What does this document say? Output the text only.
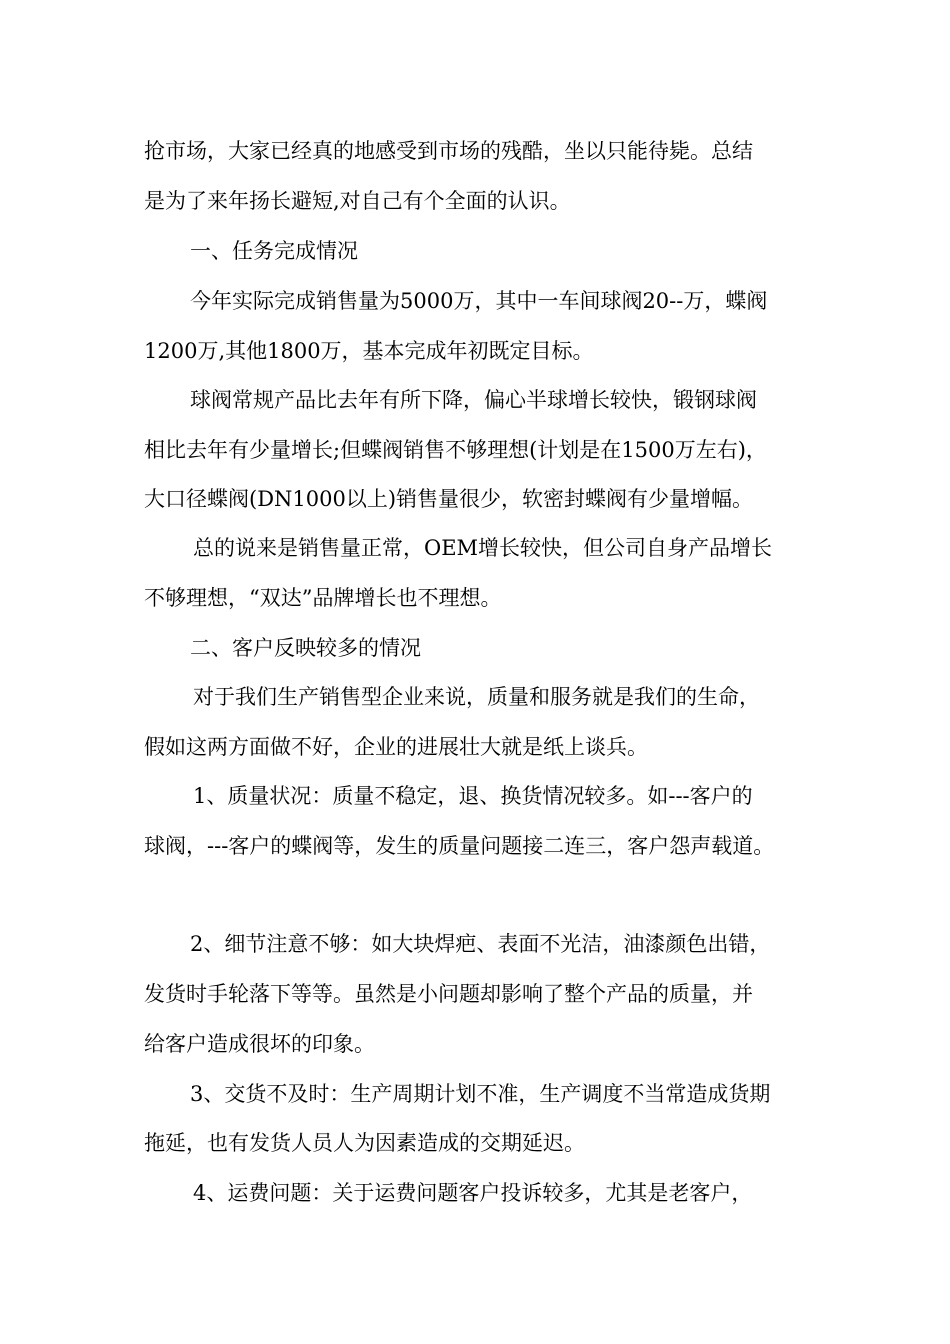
抢市场，大家已经真的地感受到市场的残酷，坐以只能待毙。总结
是为了来年扬长避短,对自己有个全面的认识。
一、任务完成情况
今年实际完成销售量为5000万，其中一车间球阀20--万，蝶阀
1200万,其他1800万，基本完成年初既定目标。
球阀常规产品比去年有所下降，偏心半球增长较快，锻钢球阀
相比去年有少量增长;但蝶阀销售不够理想(计划是在1500万左右)，
大口径蝶阀(DN1000以上)销售量很少，软密封蝶阀有少量增幅。
总的说来是销售量正常，OEM增长较快，但公司自身产品增长
不够理想，“双达”品牌增长也不理想。
二、客户反映较多的情况
对于我们生产销售型企业来说，质量和服务就是我们的生命，
假如这两方面做不好，企业的进展壮大就是纸上谈兵。
1、质量状况：质量不稳定，退、换货情况较多。如---客户的
球阀，---客户的蝶阀等，发生的质量问题接二连三，客户怨声载道。
2、细节注意不够：如大块焊疤、表面不光洁，油漆颜色出错，
发货时手轮落下等等。虽然是小问题却影响了整个产品的质量，并
给客户造成很坏的印象。
3、交货不及时：生产周期计划不准，生产调度不当常造成货期
拖延，也有发货人员人为因素造成的交期延迟。
4、运费问题：关于运费问题客户投诉较多，尤其是老客户，
